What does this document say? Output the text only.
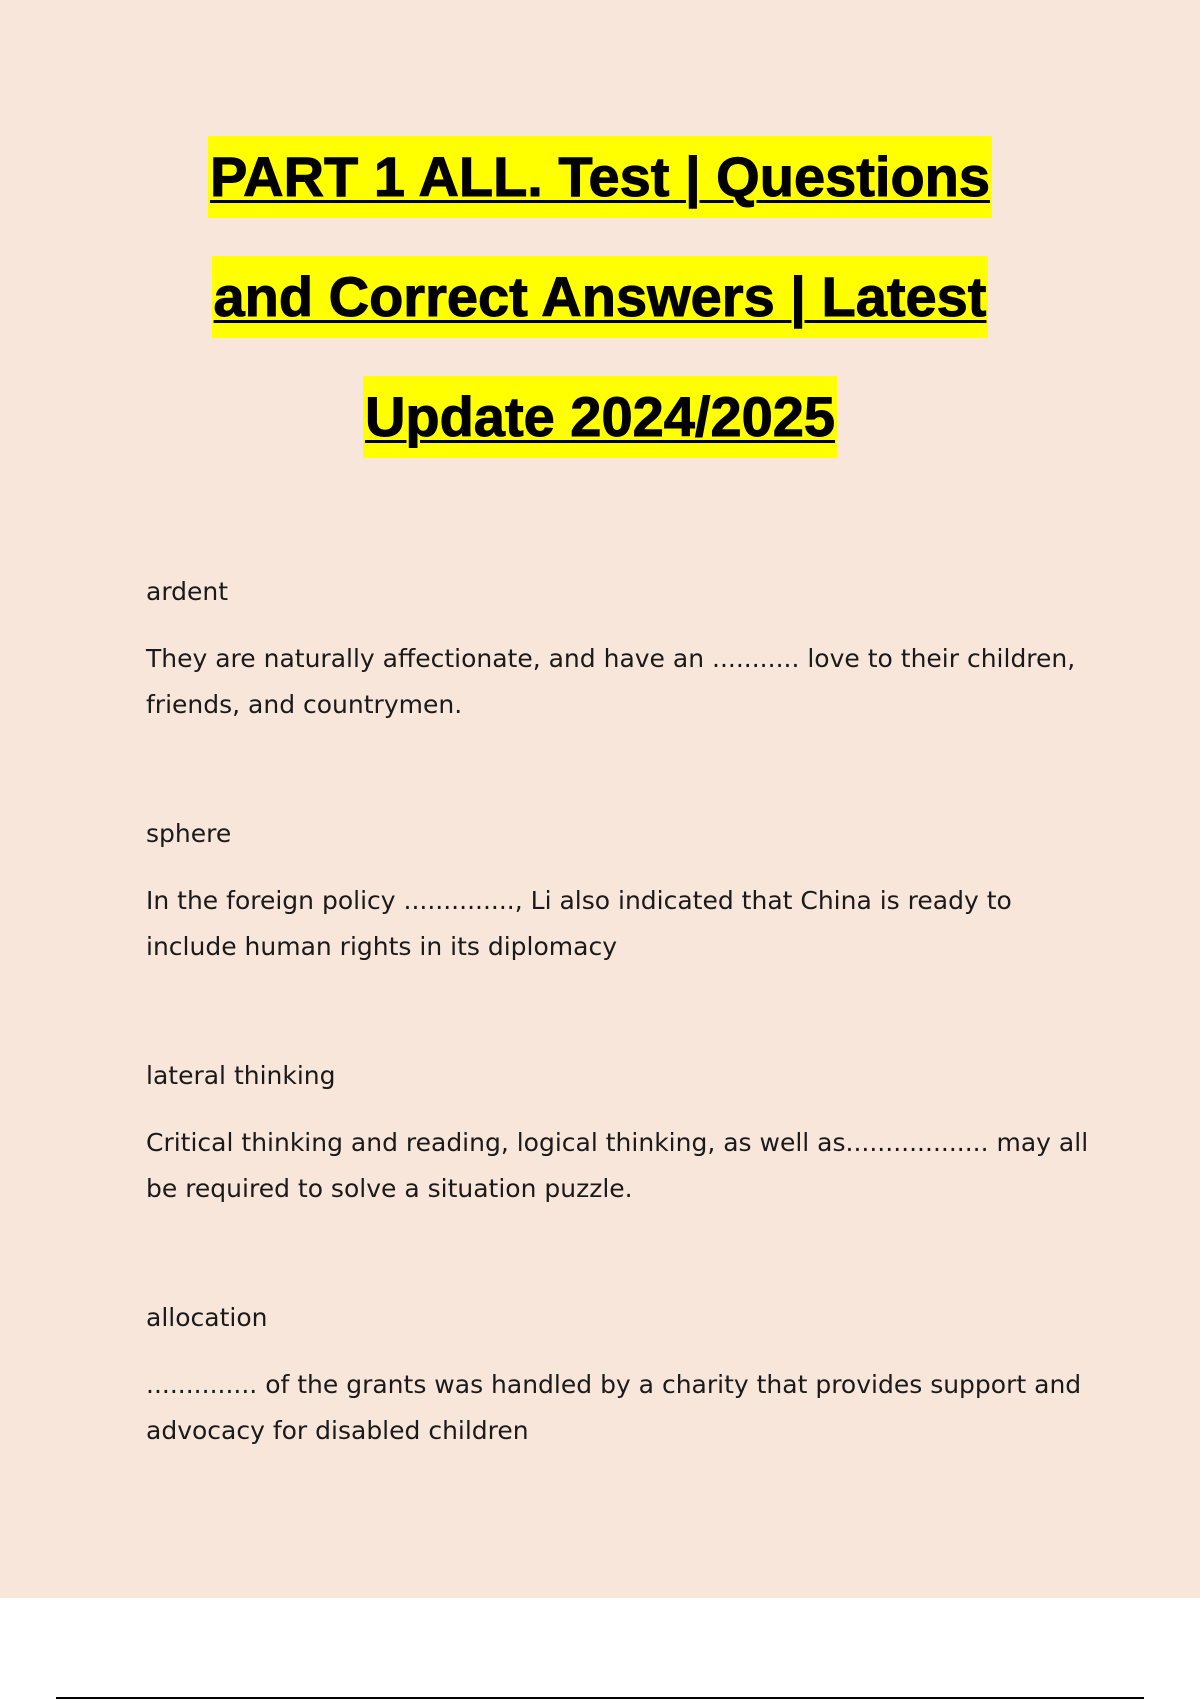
PART 1 ALL. Test | Questions
and Correct Answers | Latest
Update 2024/2025

ardent

They are naturally affectionate, and have an ........... love to their children, friends, and countrymen.

sphere

In the foreign policy .............., Li also indicated that China is ready to include human rights in its diplomacy

lateral thinking

Critical thinking and reading, logical thinking, as well as.................. may all be required to solve a situation puzzle.

allocation

.............. of the grants was handled by a charity that provides support and advocacy for disabled children
